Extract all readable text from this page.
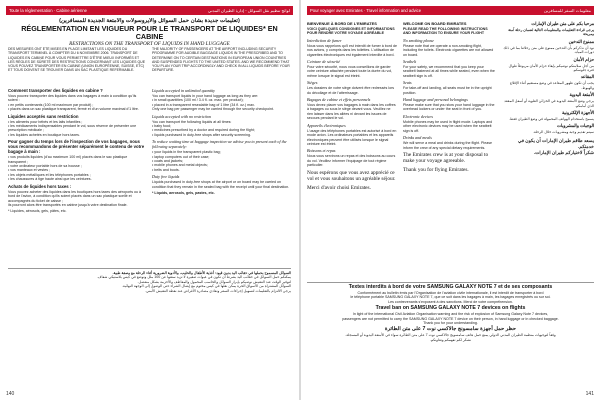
Toute la réglementation · Cabine aérienne	لوائح تنظيم نقل السوائل - إدارة الطيران المدني

(تعليمات جديدة بشأن حمل السوائل والأيروسولات والأمتعة الجديدة للمسافرين)

RÉGLEMENTATION EN VIGUEUR POUR LE TRANSPORT DE LIQUIDES* EN CABINE

RESTRICTIONS ON THE TRANSPORT OF LIQUIDS IN HAND LUGGAGE

DES MESURES ONT ÉTÉ MISES EN PLACE LIMITANT LES LIQUIDES DU TRANSPORT TERMINEL À COMPTER DU 6 NOVEMBRE 2006. TRANSPORT DE LIQUIDES EN CABINE POUR VOUS PERMETTRE D'ÊTRE MIEUX INFORMÉS ET LES RÈGLES DE SÛRETÉ DES RESTRICTIONS CONCERNANT LES LIQUIDES QUE VOUS POUVEZ TRANSPORTER EN CABINE (UNION EUROPÉENNE, SUISSE, ETC) ET TOUS DOIVENT SE TROUVER DANS UN SAC PLASTIQUE REFERMABLE.

THE MAJORITY OF PASSENGERS AT THE AIRPORT INCLUDING SECURITY PROGRAMME FOR AUDIBLE BAGGAGE LIQUIDS IN THE PRESCRIBED AND TO DETERMINE ON TO CERTAIN DESTINATIONS IN EUROPEAN UNION COUNTRIES AND SUSPENDED FLIGHTS TO THE UNITED STATES. AND WE RECOMMEND THAT YOU PLAN YOUR TRIP ACCORDINGLY AND CHECK IN ALL LIQUIDS BEFORE YOUR DEPARTURE.

Comment transporter des liquides en cabine ?

Vous pouvez transporter des liquides dans vos bagages à main à condition qu'ils soient :

• en petits contenants (100 ml maximum par produit) ;

• placés dans un sac plastique transparent, fermé et d'un volume maximal d'1 litre.

Liquides acceptés sans restriction

• les aliments pour bébés et les laits infantiles ;

• les médicaments indispensables pendant le vol, sous réserve de présenter une prescription médicale ;

• les liquides achetés en boutique hors taxes.

Pour gagner du temps lors de l'inspection de vos bagages, nous vous recommandons de présenter séparément le contenu de votre bagage à main :

• vos produits liquides (d'au maximum 100 ml) placés dans le sac plastique transparent ;

• votre ordinateur portable hors de sa housse ;

• vos manteaux et vestes ;

• les objets métalliques et les téléphones portables ;

• les chaussures à tige haute ainsi que les ceintures.

Achats de liquides hors taxes :

Vous pouvez acheter des liquides dans les boutiques hors taxes des aéroports ou à bord de l'avion, à condition qu'ils soient placés dans un sac plastique scellé et accompagnés du ticket de caisse ;

ils pourront alors être transportés en cabine jusqu'à votre destination finale.

* Liquides, aérosols, gels, pâtes, etc.

Liquids accepted in unlimited quantity

You can transport liquids in your hand luggage as long as they are:

• in small quantities (100 ml / 3.4 fl. oz. max. per product);

• placed in a transparent resealable bag of 1 litre (34 fl. oz.) max.

Only one bag per passenger may be carried through the security checkpoint.

Liquids accepted with no restriction

You can transport the following liquids at all times:

• baby food;

• medicines prescribed by a doctor and required during the flight;

• liquids purchased in duty-free shops after security screening.

To reduce waiting time at baggage inspection we advise you to present each of the following separately:

• your liquids in the transparent plastic bag;

• laptop computers out of their case;

• coats and jackets;

• mobile phones and metal objects;

• belts and boots.

Duty free liquids

Liquids purchased in duty-free shops at the airport or on board may be carried on condition that they remain in the sealed bag with the receipt until your final destination.

* Liquids, aerosols, gels, pastes, etc.

السوائل المسموح بحملها في حقائب اليد بدون قيود: أغذية الأطفال والحليب، والأدوية الضرورية أثناء الرحلة مع وصفة طبية.

يمكنكم حمل السوائل في حقائب اليد بشرط أن تكون في عبوات صغيرة لا تزيد سعتها عن 100 ملل وتوضع في كيس بلاستيكي شفاف.

لتوفير الوقت عند التفتيش نوصيكم بإبراز السوائل والحاسب المحمول والمعاطف والأحزمة بشكل منفصل.

السوائل المشتراة من الأسواق الحرة يمكن نقلها في كيس مختوم مع إيصال الشراء حتى الوصول إلى الوجهة النهائية.

يرجى الالتزام بالتعليمات لتسهيل إجراءات السفر وتفادي مصادرة الأغراض عند نقطة التفتيش الأمني.

140
Pour voyager avec Emirates · Travel information and advice	معلومات السفر للمسافرين

BIENVENUE À BORD DE L'EMIRATES

VOICI QUELQUES CONSIGNES ET INFORMATIONS POUR RENDRE VOTRE VOYAGE AGRÉABLE

Interdiction de fumer

Nous vous rappelons qu'il est interdit de fumer à bord de nos avions, y compris dans les toilettes. L'utilisation de cigarettes électroniques est également interdite à bord.

Ceinture de sécurité

Pour votre sécurité, nous vous conseillons de garder votre ceinture attachée pendant toute la durée du vol, même lorsque le signal est éteint.

Sièges

Les dossiers de votre siège doivent être redressés lors du décollage et de l'atterrissage.

Bagages de cabine et effets personnels

Vous devez placer vos bagages à main dans les coffres à bagages ou sous le siège devant vous. Veuillez ne rien laisser dans les allées ni devant les issues de secours pendant le vol.

Appareils électroniques

L'usage des téléphones portables est autorisé à bord en mode avion. Les ordinateurs portables et les appareils électroniques peuvent être utilisés lorsque le signal ceinture est éteint.

Boissons et repas

Nous vous servirons un repas et des boissons au cours du vol. Veuillez informer l'équipage de tout régime particulier.

Nous espérons que vous avez apprécié ce vol et vous souhaitons un agréable séjour.

Merci d'avoir choisi Emirates.

WELCOME ON BOARD EMIRATES

PLEASE READ THE FOLLOWING INSTRUCTIONS AND INFORMATION TO ENSURE YOUR FLIGHT

No smoking please

Please note that we operate a non-smoking flight, including the toilets. Electronic cigarettes are not allowed on board.

Seatbelt

For your safety, we recommend that you keep your seatbelt fastened at all times while seated, even when the seatbelt sign is off.

Seats

For take-off and landing, all seats must be in the upright position.

Hand luggage and personal belongings

Please make sure that you stow your hand luggage in the overhead lockers or under the seat in front of you.

Electronic devices

Mobile phones may be used in flight mode. Laptops and other electronic devices may be used when the seatbelt sign is off.

Drinks and meals

We will serve a meal and drinks during the flight. Please inform the crew of any special dietary requirements.

The Emirates crew is at your disposal to make your voyage agreeable.

Thank you for flying Emirates.

مرحبا بكم على متن طيران الإمارات

يرجى قراءة التعليمات والمعلومات التالية لضمان رحلة آمنة ومريحة

ممنوع التدخين

نود أن نذكركم بأن التدخين ممنوع على متن رحلاتنا بما في ذلك دورات المياه.

حزام الأمان

من أجل سلامتكم نوصيكم بإبقاء حزام الأمان مربوطاً طوال فترة جلوسكم.

المقاعد

يجب أن تكون ظهور المقاعد في وضع مستقيم أثناء الإقلاع والهبوط.

الأمتعة اليدوية

يرجى وضع الأمتعة اليدوية في الخزائن العلوية أو أسفل المقعد الذي أمامكم.

الأجهزة الإلكترونية

يسمح باستخدام الهواتف المحمولة في وضع الطيران فقط.

الوجبات والمشروبات

سيتم تقديم وجبة ومشروبات خلال الرحلة.

يسعد طاقم طيران الإمارات أن يكون في خدمتكم.

شكراً لاختياركم طيران الإمارات.

Textes interdits à bord de votre SAMSUNG GALAXY NOTE 7 et de ses composants

Conformément au bulletin émis par l'Organisation de l'aviation civile internationale, il est interdit de transporter à bord

le téléphone portable SAMSUNG GALAXY NOTE 7, que ce soit dans les bagages à main, les bagages enregistrés ou sur soi.

Les contrevenants s'exposent à des sanctions. Merci de votre compréhension.

Travel ban on SAMSUNG GALAXY NOTE 7 devices on flights

In light of the international Civil Aviation Organisation warning and the risk of explosion of Samsung Galaxy Note 7 devices,

passengers are not permitted to carry the SAMSUNG GALAXY NOTE 7 device on their person, in hand luggage or in checked baggage.

Thank you for your understanding.

حظر حمل أجهزة سامسونج جالاكسي نوت 7 على متن الطائرة

وفقاً لتوجيهات منظمة الطيران المدني الدولي يمنع حمل هاتف سامسونج جالاكسي نوت 7 على متن الطائرة سواء في الأمتعة اليدوية أو المسجلة.

نشكر لكم تفهمكم وتعاونكم.

141
